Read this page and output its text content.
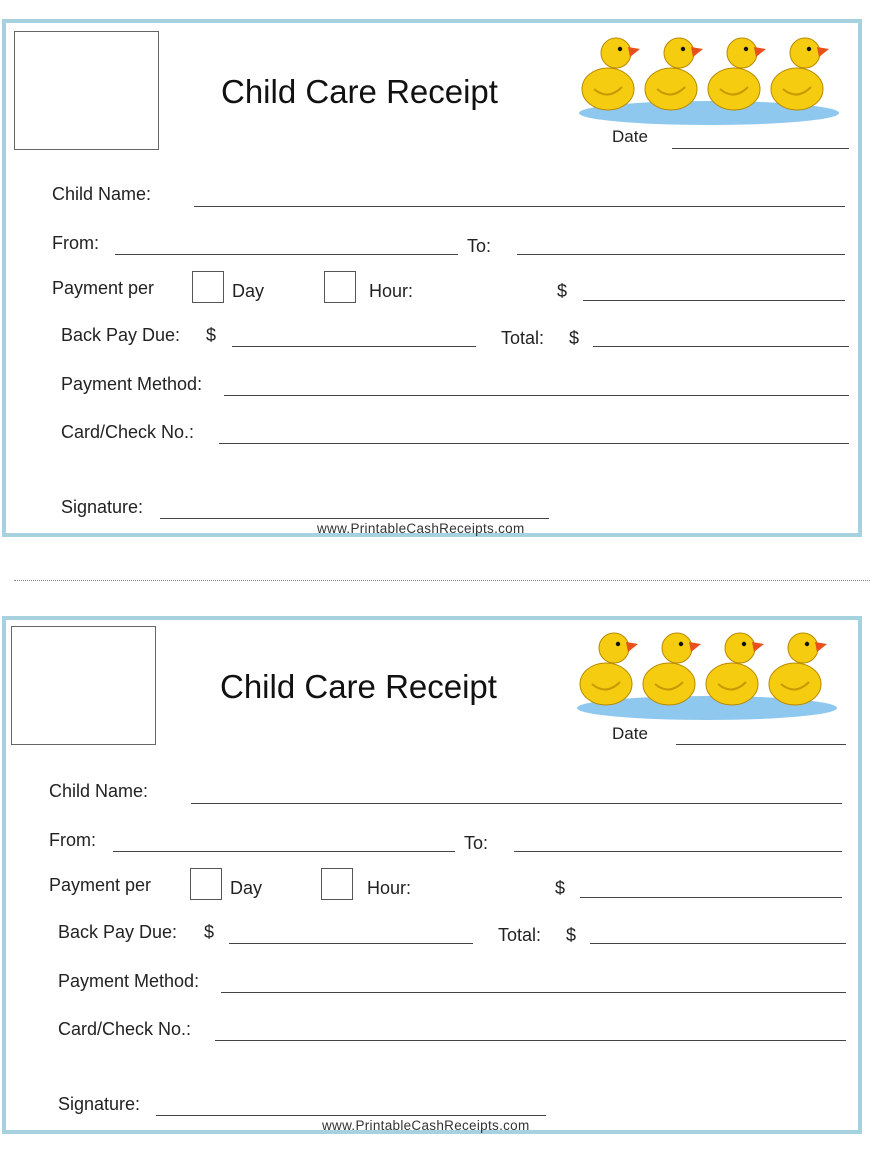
Child Care Receipt
Date
Child Name:
From:	To:
Payment per	Day	Hour:	$
Back Pay Due: $	Total: $
Payment Method:
Card/Check No.:
Signature:
www.PrintableCashReceipts.com
Child Care Receipt
Date
Child Name:
From:	To:
Payment per	Day	Hour:	$
Back Pay Due: $	Total: $
Payment Method:
Card/Check No.:
Signature:
www.PrintableCashReceipts.com
